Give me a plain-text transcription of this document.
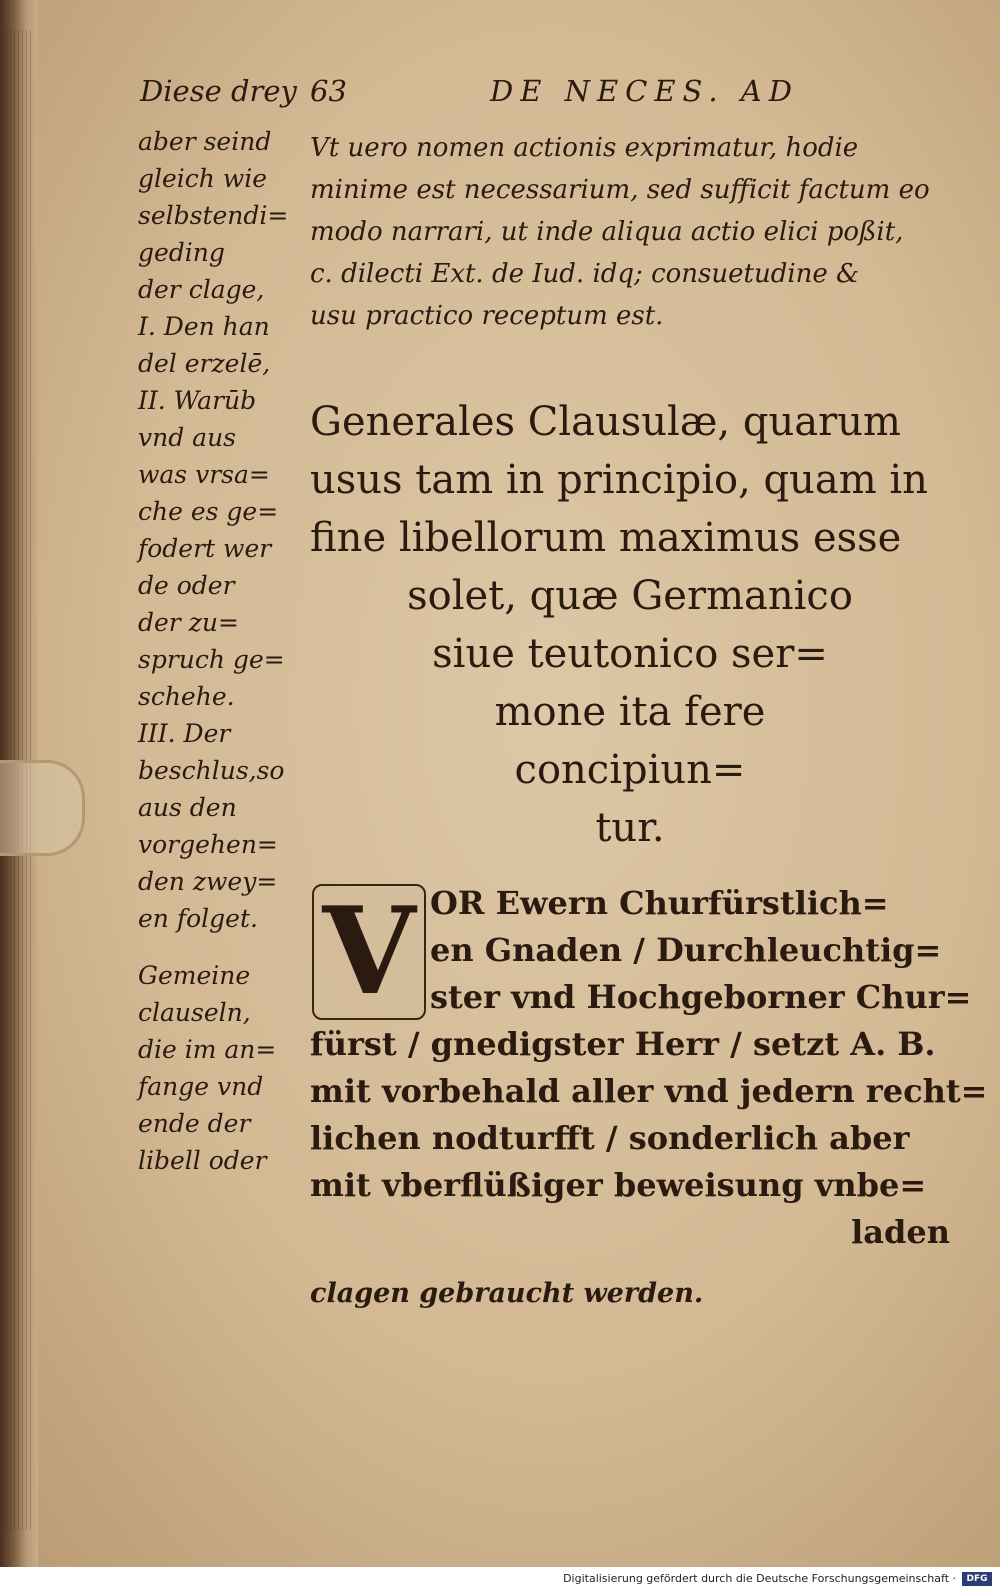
Diese drey 63	DE NECES. AD
aber seind
gleich wie
selbstendi=
geding
der clage,
I. Den han
del erzelē,
II. Warūb
vnd aus
was vrsa=
che es ge=
fodert wer
de oder
der zu=
spruch ge=
schehe.
III. Der
beschlus,so
aus den
vorgehen=
den zwey=
en folget.
Gemeine
clauseln,
die im an=
fange vnd
ende der
libell oder
Vt uero nomen actionis exprimatur, hodie
minime est necessarium, sed sufficit factum eo
modo narrari, ut inde aliqua actio elici poßit,
c. dilecti Ext. de Iud. idq; consuetudine &
usu practico receptum est.
Generales Clausulæ, quarum
usus tam in principio, quam in
fine libellorum maximus esse
solet, quæ Germanico
siue teutonico ser=
mone ita fere
concipiun=
tur.
V OR Ewern Churfürstlich=
en Gnaden / Durchleuchtig=
ster vnd Hochgeborner Chur=
fürst / gnedigster Herr / setzt A. B.
mit vorbehald aller vnd jedern recht=
lichen nodturfft / sonderlich aber
mit vberflüßiger beweisung vnbe=
laden
clagen gebraucht werden.
Digitalisierung gefördert durch die Deutsche Forschungsgemeinschaft ·	DFG
